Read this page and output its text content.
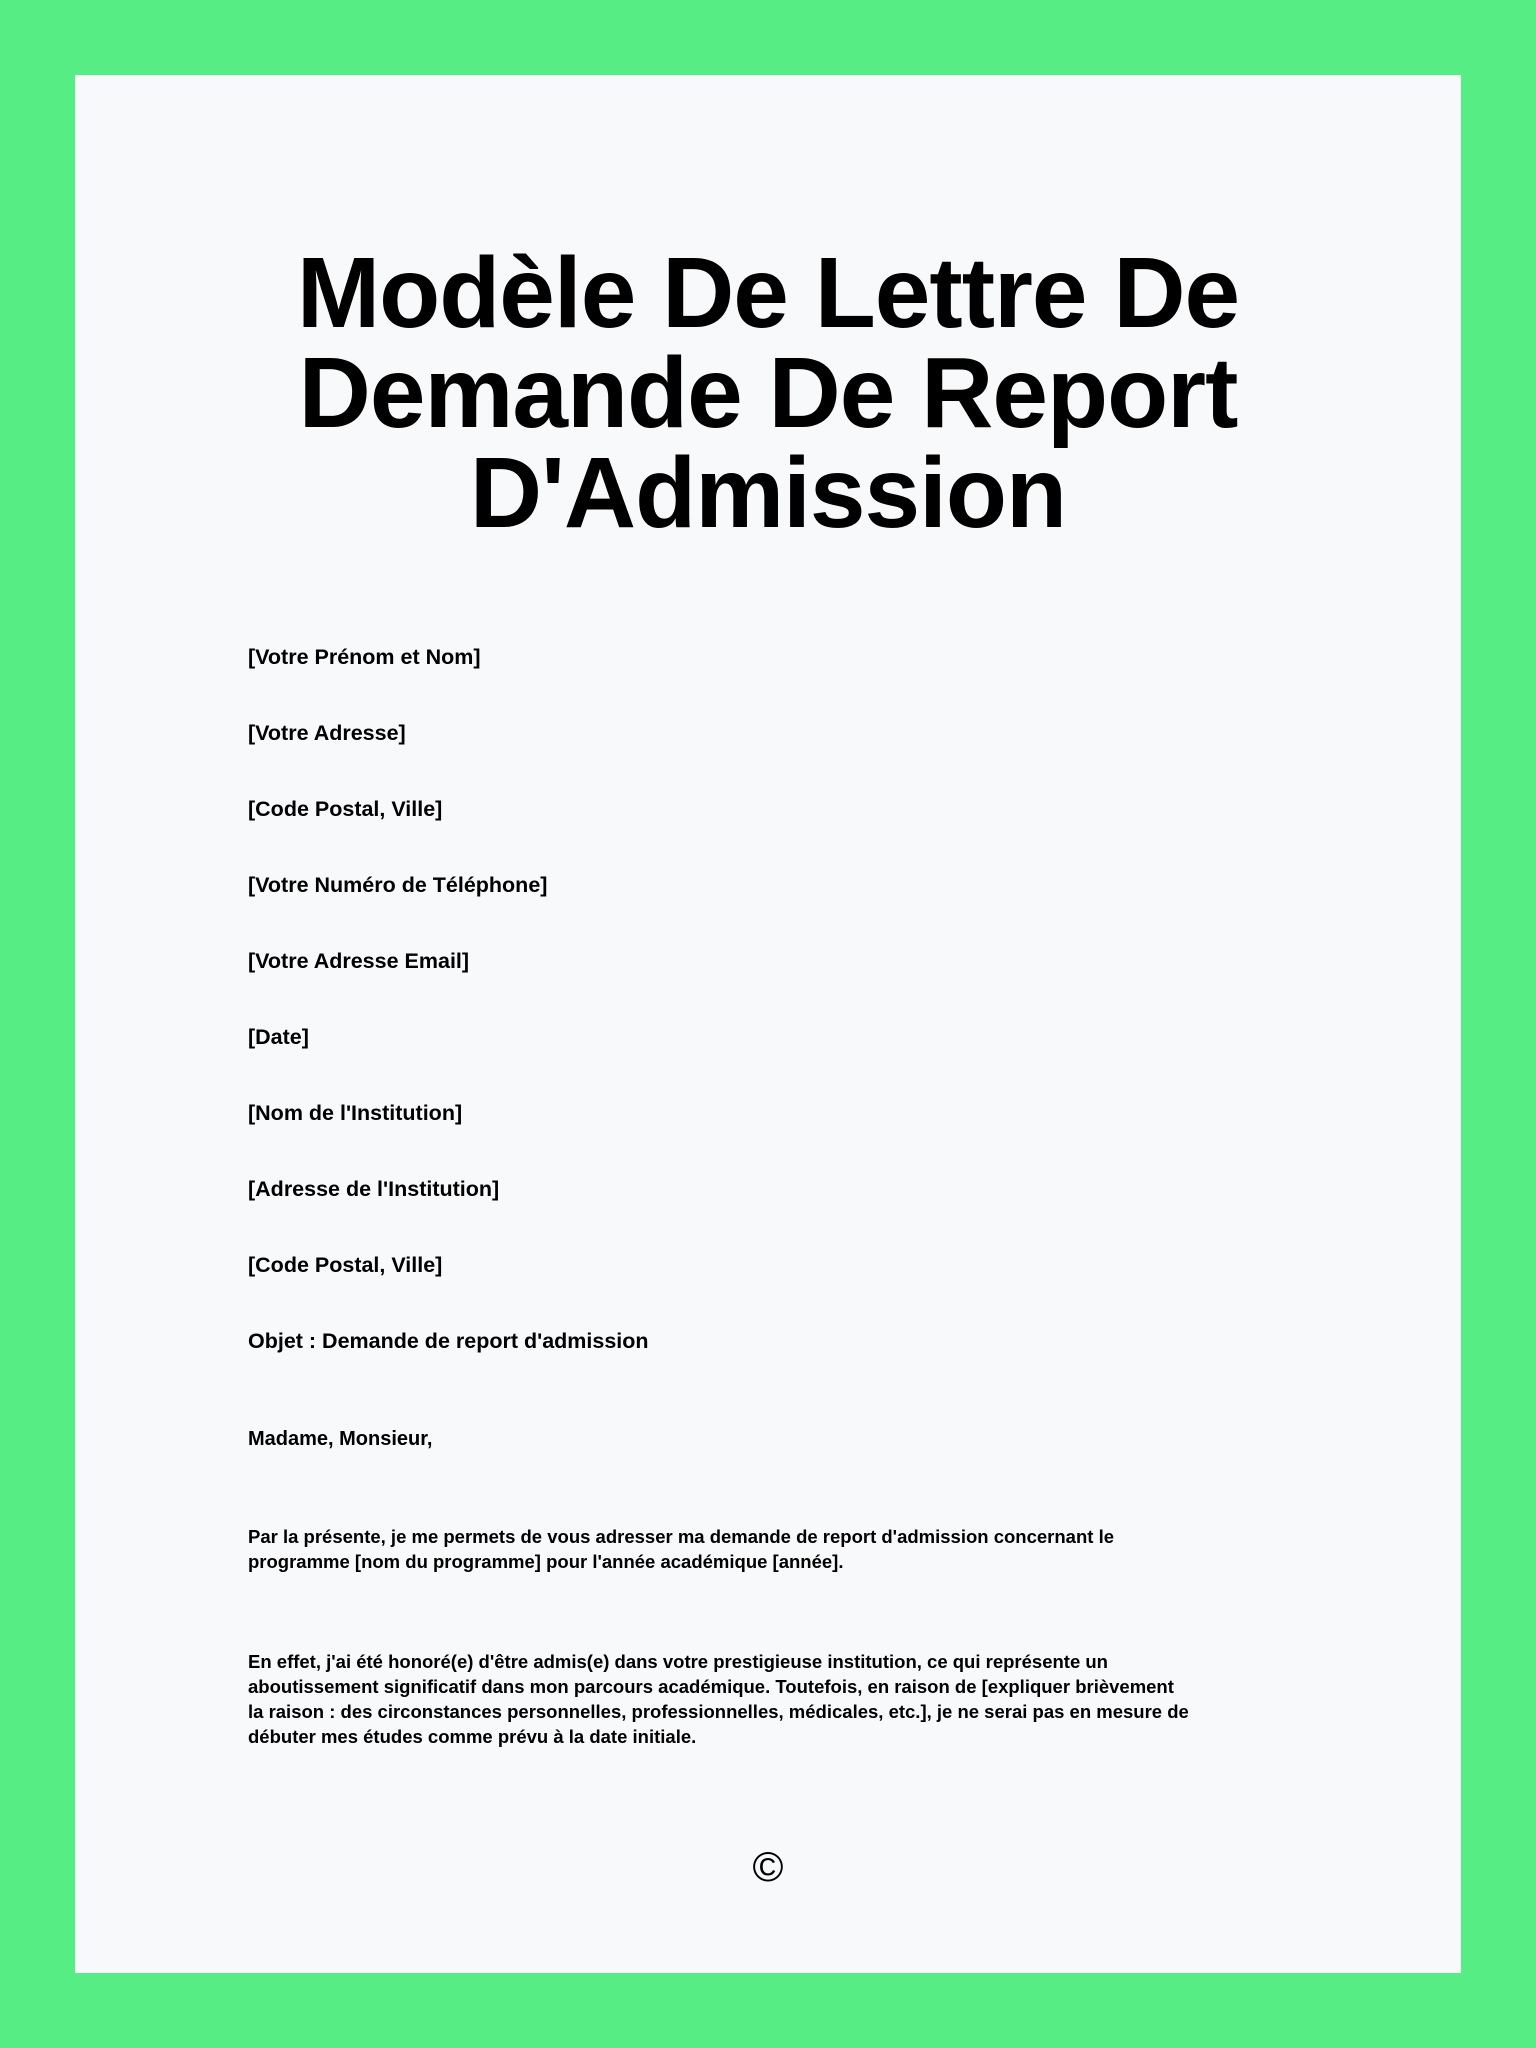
Modèle De Lettre De
Demande De Report
D'Admission

[Votre Prénom et Nom]

[Votre Adresse]

[Code Postal, Ville]

[Votre Numéro de Téléphone]

[Votre Adresse Email]

[Date]

[Nom de l'Institution]

[Adresse de l'Institution]

[Code Postal, Ville]

Objet : Demande de report d'admission

Madame, Monsieur,

Par la présente, je me permets de vous adresser ma demande de report d'admission concernant le
programme [nom du programme] pour l'année académique [année].
En effet, j'ai été honoré(e) d'être admis(e) dans votre prestigieuse institution, ce qui représente un
aboutissement significatif dans mon parcours académique. Toutefois, en raison de [expliquer brièvement
la raison : des circonstances personnelles, professionnelles, médicales, etc.], je ne serai pas en mesure de
débuter mes études comme prévu à la date initiale.

©
